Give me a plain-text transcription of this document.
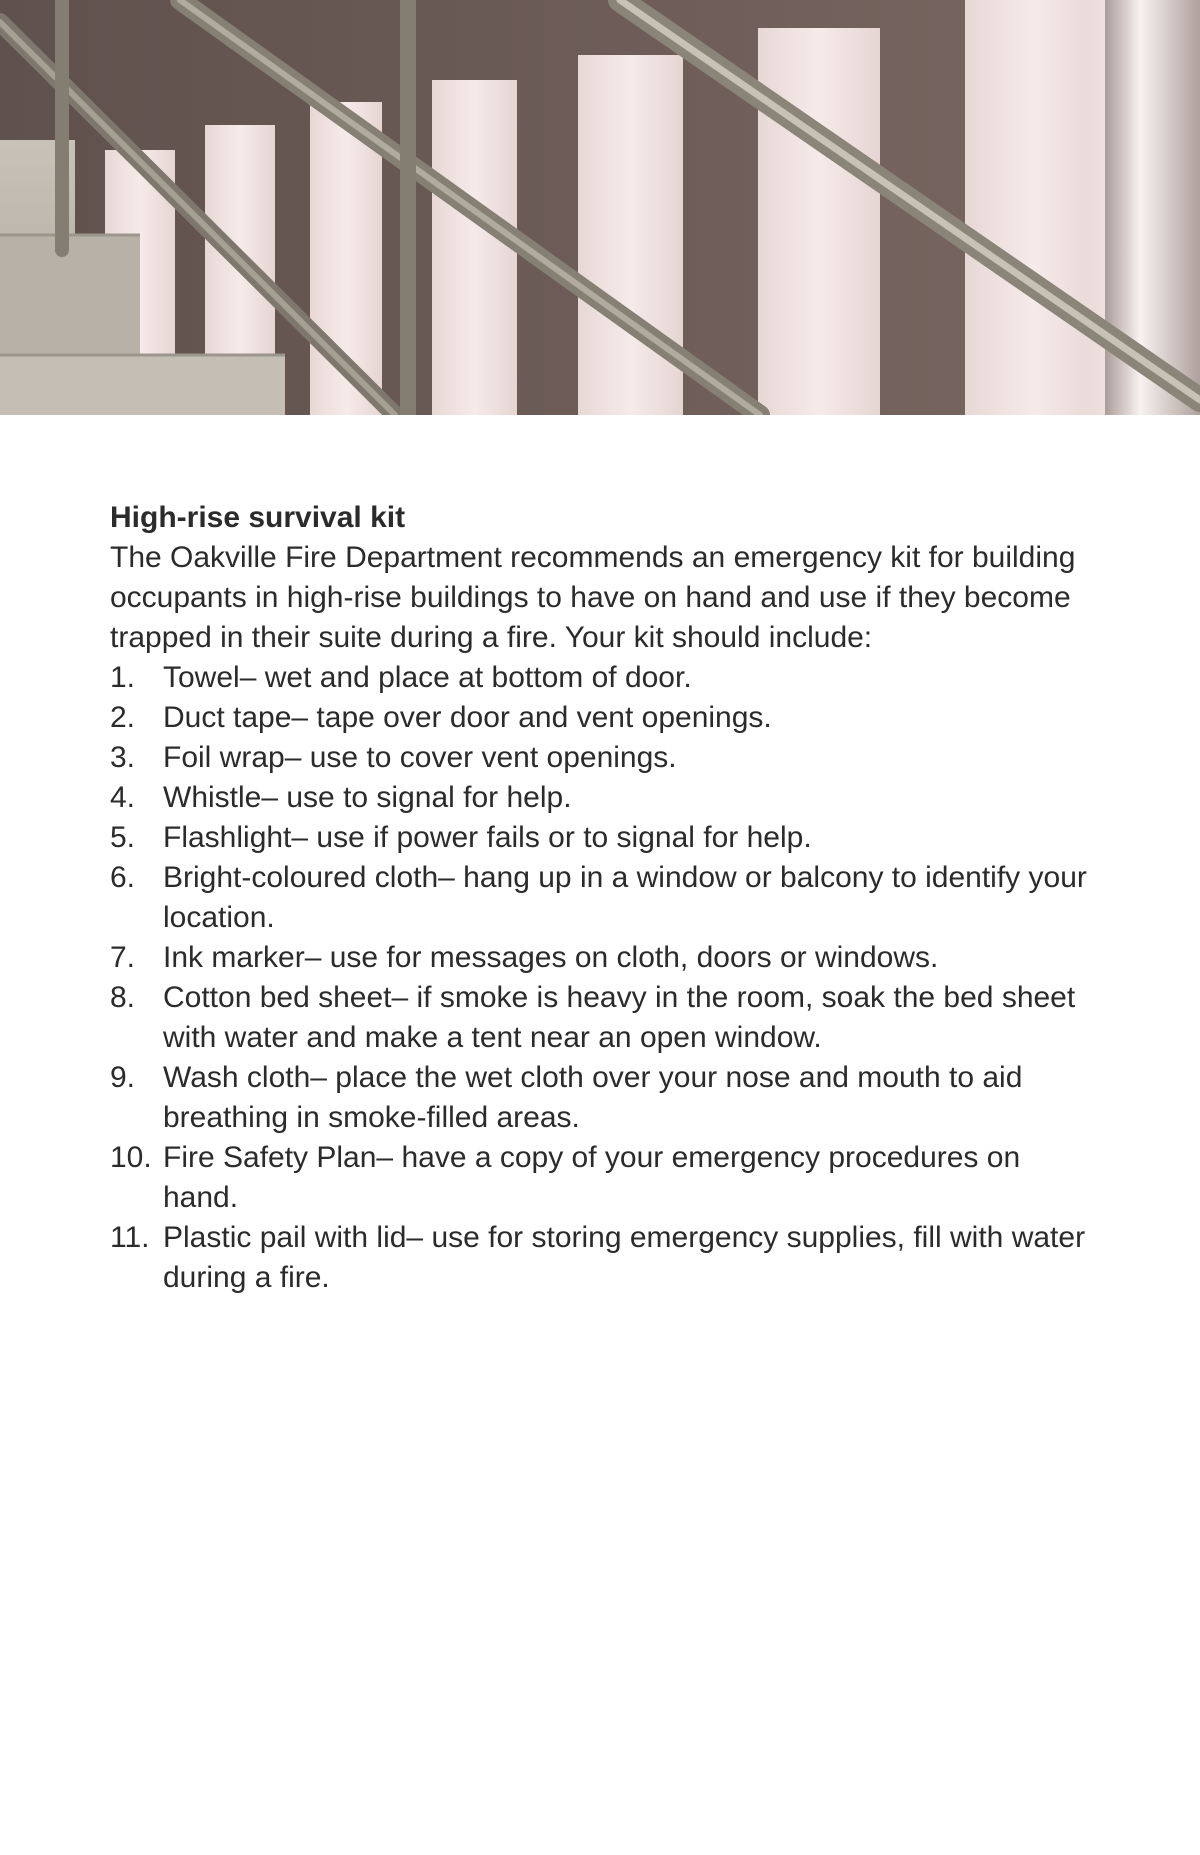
High-rise survival kit

The Oakville Fire Department recommends an emergency kit for building occupants in high-rise buildings to have on hand and use if they become trapped in their suite during a fire. Your kit should include:

1. Towel– wet and place at bottom of door.
2. Duct tape– tape over door and vent openings.
3. Foil wrap– use to cover vent openings.
4. Whistle– use to signal for help.
5. Flashlight– use if power fails or to signal for help.
6. Bright-coloured cloth– hang up in a window or balcony to identify your location.
7. Ink marker– use for messages on cloth, doors or windows.
8. Cotton bed sheet– if smoke is heavy in the room, soak the bed sheet with water and make a tent near an open window.
9. Wash cloth– place the wet cloth over your nose and mouth to aid breathing in smoke-filled areas.
10. Fire Safety Plan– have a copy of your emergency procedures on hand.
11. Plastic pail with lid– use for storing emergency supplies, fill with water during a fire.
